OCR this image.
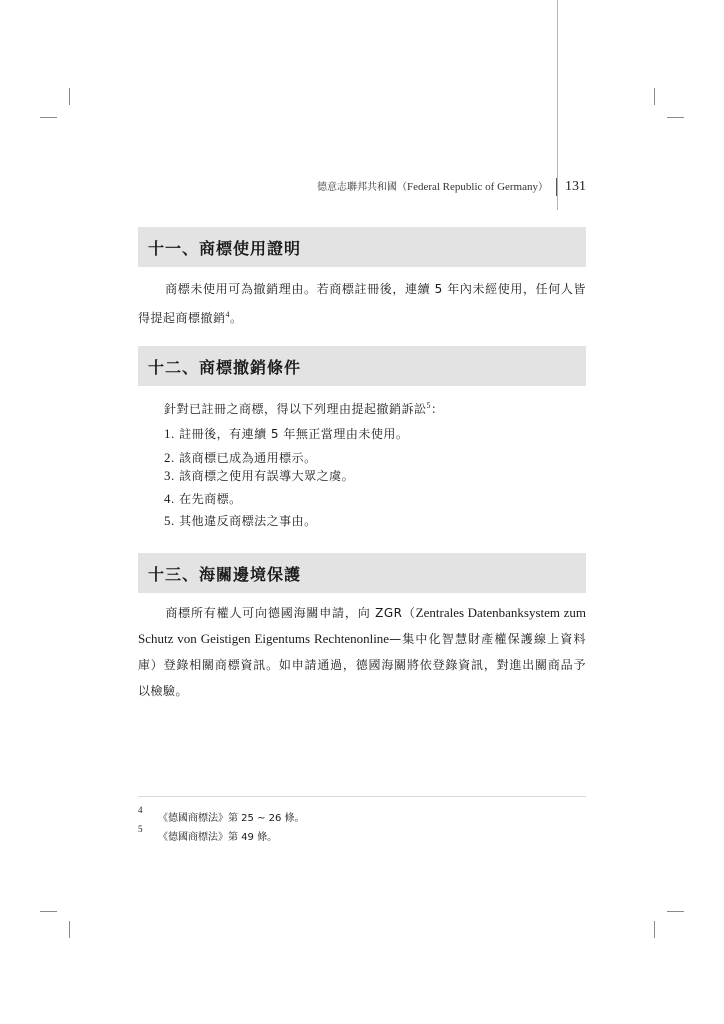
德意志聯邦共和國（Federal Republic of Germany） 131
十一、商標使用證明
商標未使用可為撤銷理由。若商標註冊後，連續 5 年內未經使用，任何人皆得提起商標撤銷$^4$。
十二、商標撤銷條件
針對已註冊之商標，得以下列理由提起撤銷訴訟$^5$：
1. 註冊後，有連續 5 年無正當理由未使用。
2. 該商標已成為通用標示。
3. 該商標之使用有誤導大眾之虞。
4. 在先商標。
5. 其他違反商標法之事由。
十三、海關邊境保護
商標所有權人可向德國海關申請，向 ZGR（Zentrales Datenbanksystem zum Schutz von Geistigen Eigentums Rechtenonline—集中化智慧財產權保護線上資料庫）登錄相關商標資訊。如申請通過，德國海關將依登錄資訊，對進出關商品予以檢驗。
4
《德國商標法》第 25 ~ 26 條。
5
《德國商標法》第 49 條。
